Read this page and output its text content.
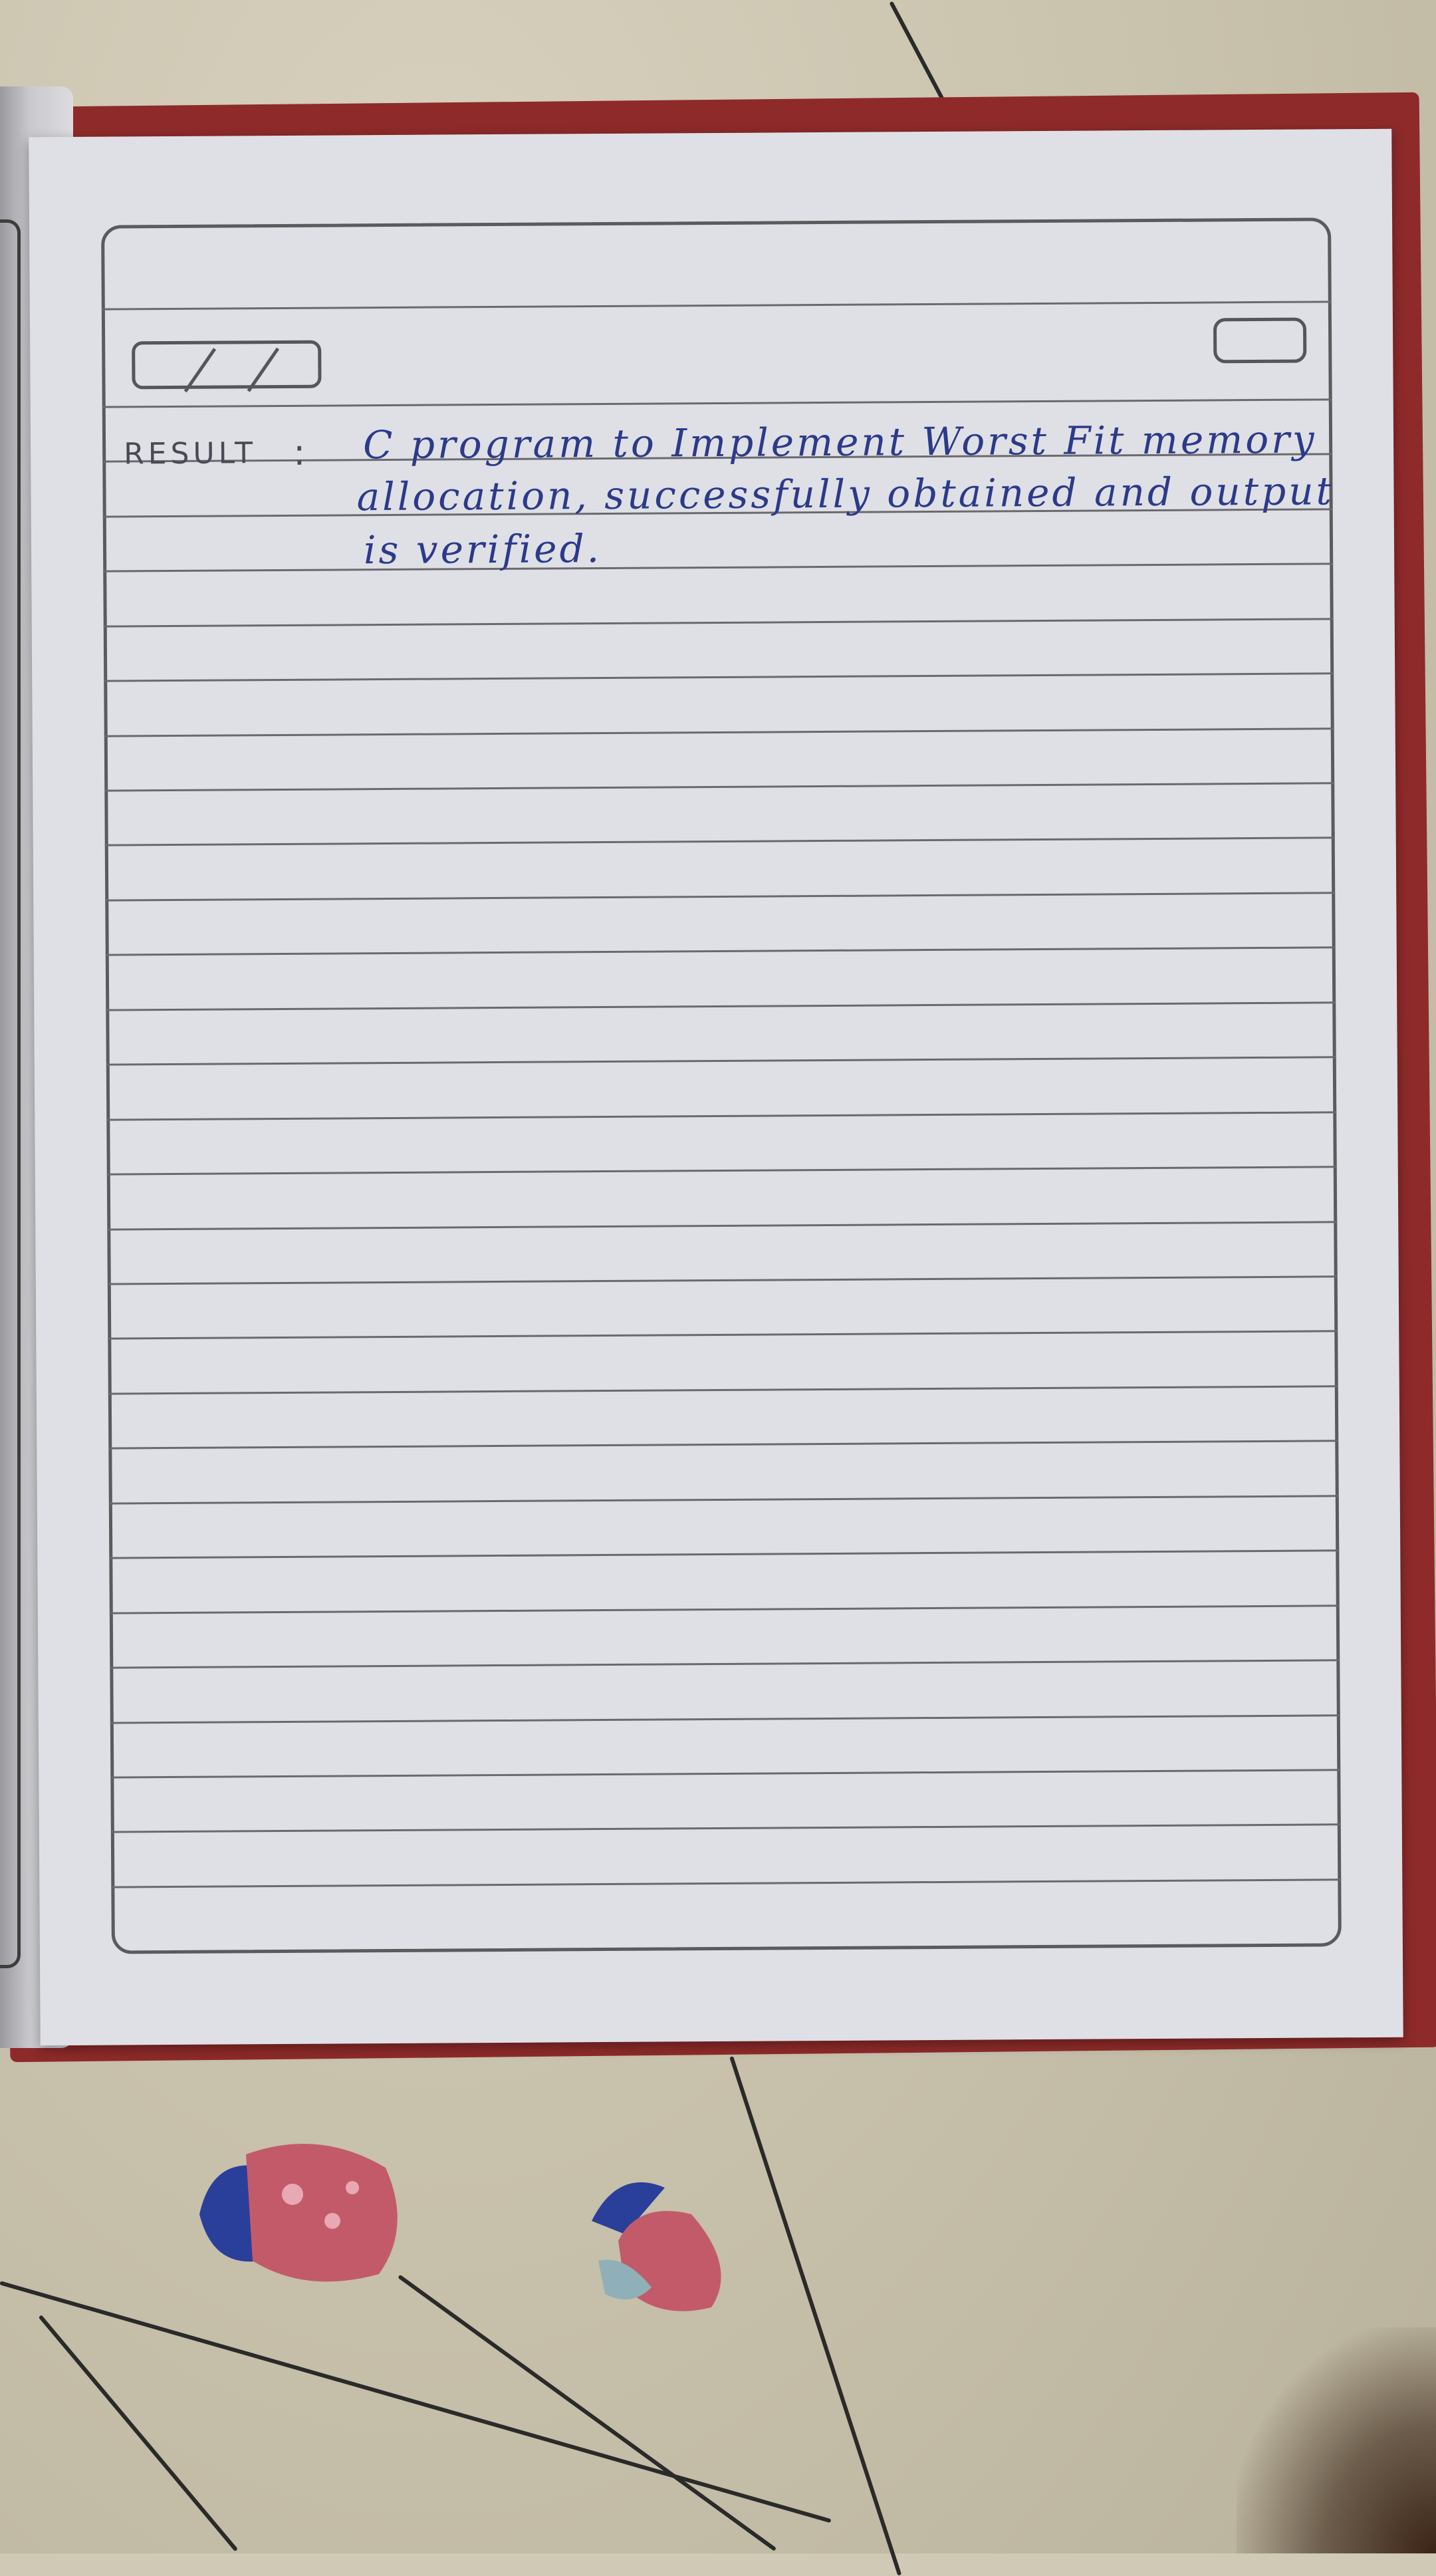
RESULT : C program to Implement Worst Fit memory
allocation, successfully obtained and output
is verified.
